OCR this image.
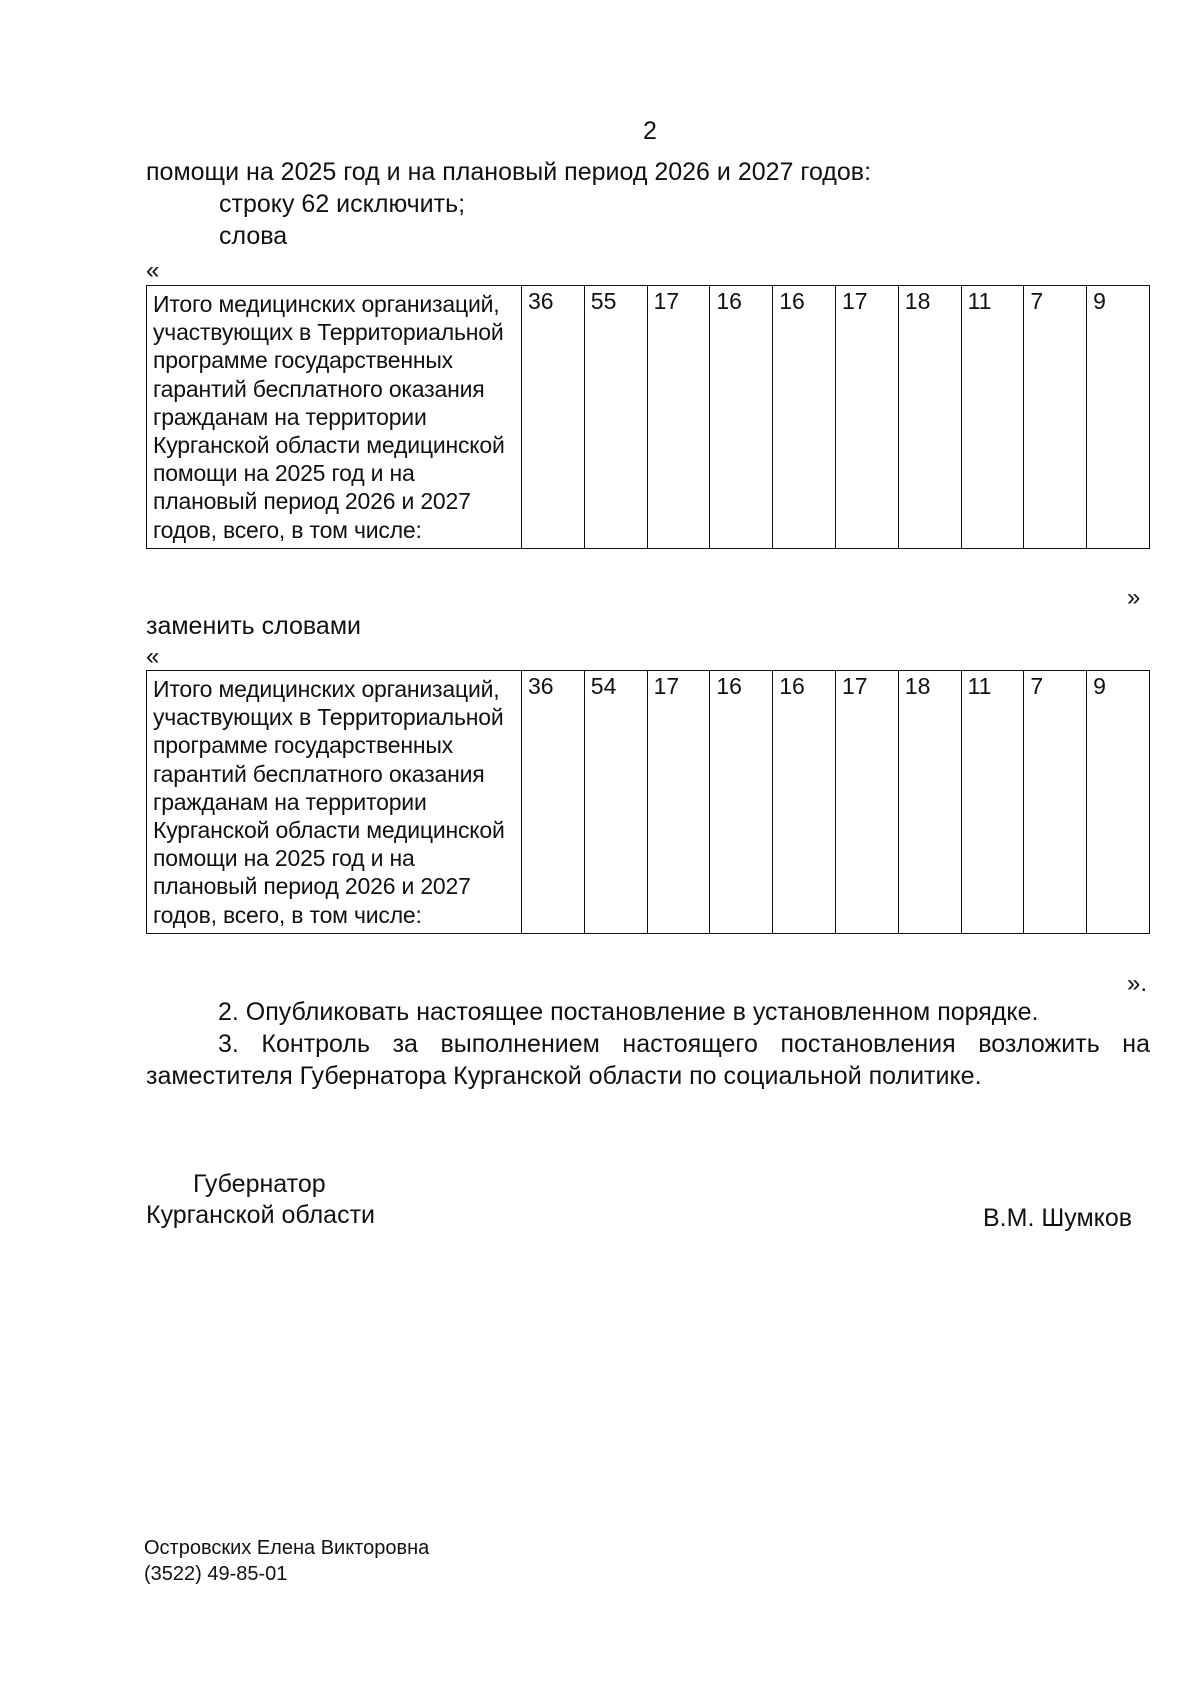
2
помощи на 2025 год и на плановый период 2026 и 2027 годов:
строку 62 исключить;
слова
«
Итого медицинских организаций, участвующих в Территориальной программе государственных гарантий бесплатного оказания гражданам на территории Курганской области медицинской помощи на 2025 год и на плановый период 2026 и 2027 годов, всего, в том числе:	36	55	17	16	16	17	18	11	7	9
»
заменить словами
«
Итого медицинских организаций, участвующих в Территориальной программе государственных гарантий бесплатного оказания гражданам на территории Курганской области медицинской помощи на 2025 год и на плановый период 2026 и 2027 годов, всего, в том числе:	36	54	17	16	16	17	18	11	7	9
».

2. Опубликовать настоящее постановление в установленном порядке.

3. Контроль за выполнением настоящего постановления возложить на заместителя Губернатора Курганской области по социальной политике.

Губернатор
Курганской области	В.М. Шумков
Островских Елена Викторовна
(3522) 49-85-01
